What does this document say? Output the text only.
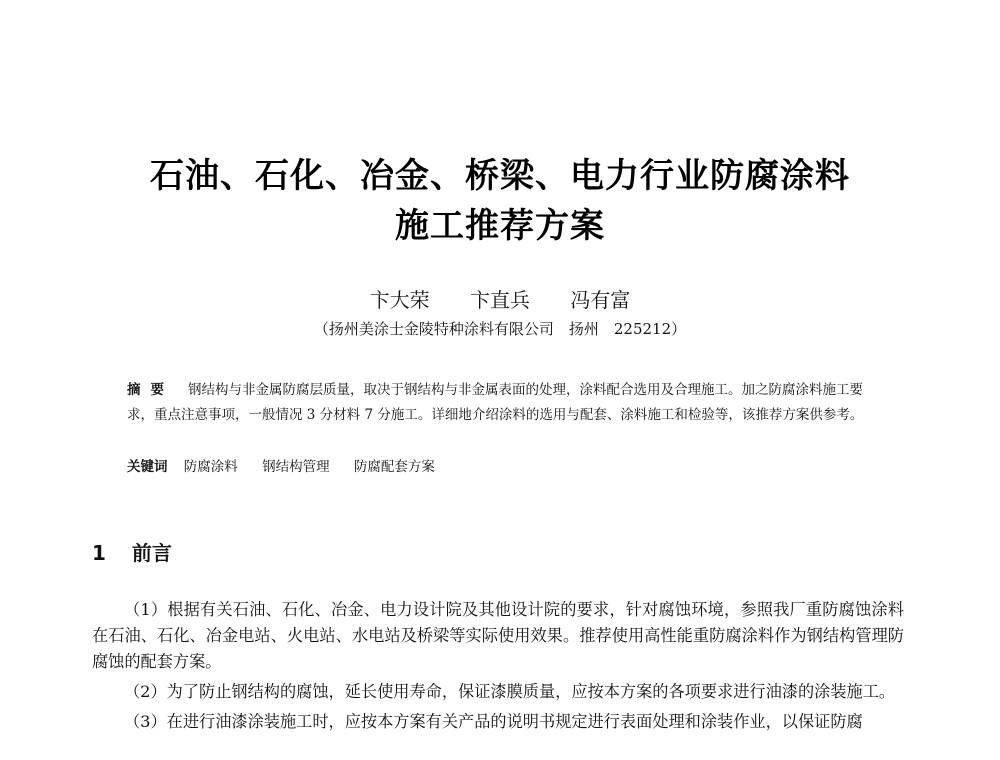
石油、石化、冶金、桥梁、电力行业防腐涂料
施工推荐方案
卞大荣 卞直兵 冯有富
（扬州美涂士金陵特种涂料有限公司　扬州　225212）
摘要 钢结构与非金属防腐层质量，取决于钢结构与非金属表面的处理，涂料配合选用及合理施工。加之防腐涂料施工要求，重点注意事项，一般情况 3 分材料 7 分施工。详细地介绍涂料的选用与配套、涂料施工和检验等，该推荐方案供参考。
关键词 防腐涂料 钢结构管理 防腐配套方案
1 前言

（1）根据有关石油、石化、冶金、电力设计院及其他设计院的要求，针对腐蚀环境，参照我厂重防腐蚀涂料在石油、石化、冶金电站、火电站、水电站及桥梁等实际使用效果。推荐使用高性能重防腐涂料作为钢结构管理防腐蚀的配套方案。

（2）为了防止钢结构的腐蚀，延长使用寿命，保证漆膜质量，应按本方案的各项要求进行油漆的涂装施工。

（3）在进行油漆涂装施工时，应按本方案有关产品的说明书规定进行表面处理和涂装作业，以保证防腐
